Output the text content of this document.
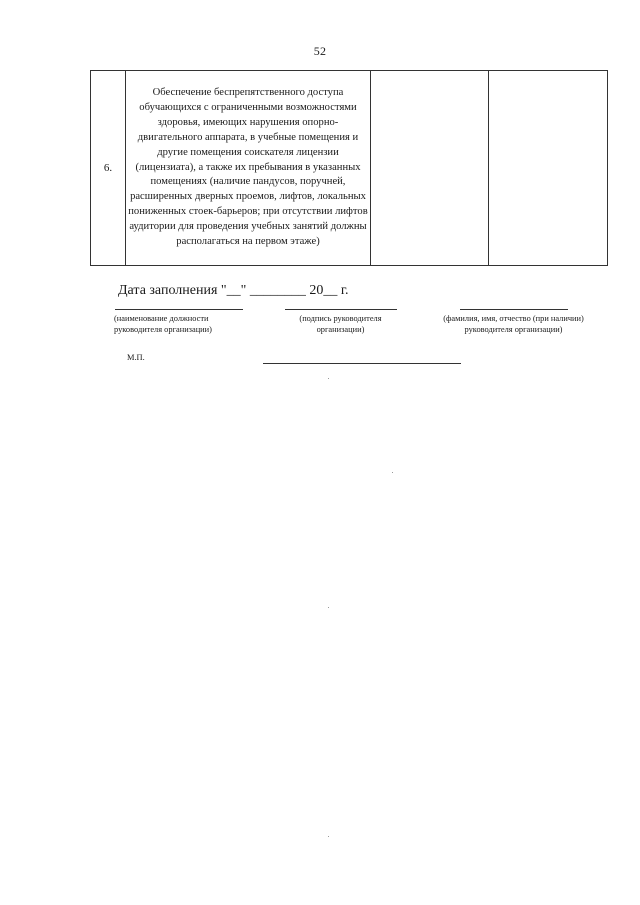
52
6.	Обеспечение беспрепятственного доступа обучающихся с ограниченными возможностями здоровья, имеющих нарушения опорно-двигательного аппарата, в учебные помещения и другие помещения соискателя лицензии (лицензиата), а также их пребывания в указанных помещениях (наличие пандусов, поручней, расширенных дверных проемов, лифтов, локальных пониженных стоек-барьеров; при отсутствии лифтов аудитории для проведения учебных занятий должны располагаться на первом этаже)		
Дата заполнения "__" ________ 20__ г.
(наименование должности руководителя организации)
(подпись руководителя организации)
(фамилия, имя, отчество (при наличии) руководителя организации)
М.П.
